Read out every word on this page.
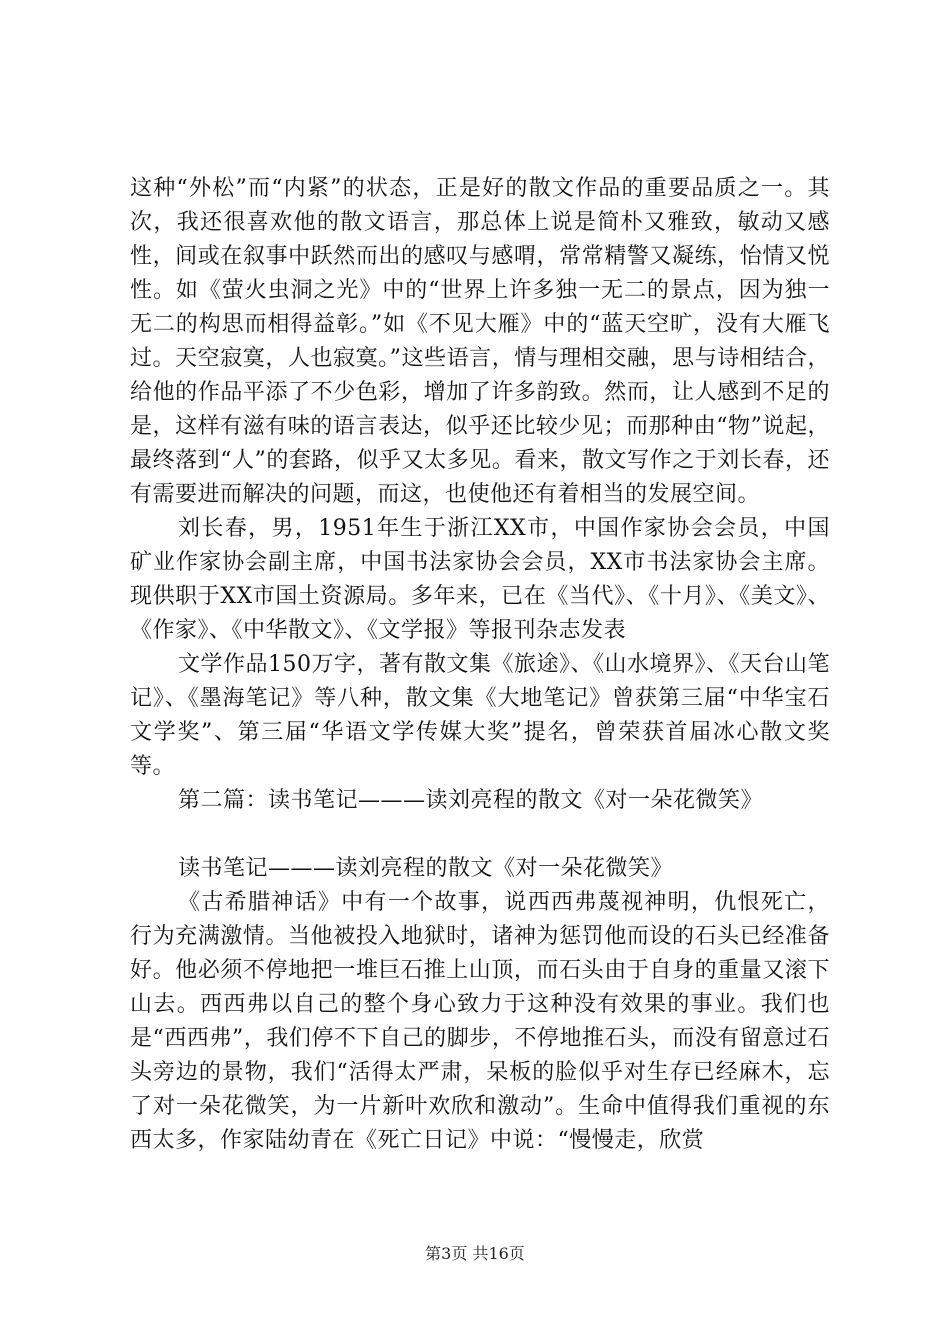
这种“外松”而“内紧”的状态，正是好的散文作品的重要品质之一。其次，我还很喜欢他的散文语言，那总体上说是简朴又雅致，敏动又感性，间或在叙事中跃然而出的感叹与感喟，常常精警又凝练，怡情又悦性。如《萤火虫洞之光》中的“世界上许多独一无二的景点，因为独一无二的构思而相得益彰。”如《不见大雁》中的“蓝天空旷，没有大雁飞过。天空寂寞，人也寂寞。”这些语言，情与理相交融，思与诗相结合，给他的作品平添了不少色彩，增加了许多韵致。然而，让人感到不足的是，这样有滋有味的语言表达，似乎还比较少见；而那种由“物”说起，最终落到“人”的套路，似乎又太多见。看来，散文写作之于刘长春，还有需要进而解决的问题，而这，也使他还有着相当的发展空间。

刘长春，男，1951年生于浙江XX市，中国作家协会会员，中国矿业作家协会副主席，中国书法家协会会员，XX市书法家协会主席。现供职于XX市国土资源局。多年来，已在《当代》、《十月》、《美文》、《作家》、《中华散文》、《文学报》等报刊杂志发表

文学作品150万字，著有散文集《旅途》、《山水境界》、《天台山笔记》、《墨海笔记》等八种，散文集《大地笔记》曾获第三届“中华宝石文学奖”、第三届“华语文学传媒大奖”提名，曾荣获首届冰心散文奖等。

第二篇：读书笔记———读刘亮程的散文《对一朵花微笑》

读书笔记———读刘亮程的散文《对一朵花微笑》

《古希腊神话》中有一个故事，说西西弗蔑视神明，仇恨死亡，行为充满激情。当他被投入地狱时，诸神为惩罚他而设的石头已经准备好。他必须不停地把一堆巨石推上山顶，而石头由于自身的重量又滚下山去。西西弗以自己的整个身心致力于这种没有效果的事业。我们也是“西西弗”，我们停不下自己的脚步，不停地推石头，而没有留意过石头旁边的景物，我们“活得太严肃，呆板的脸似乎对生存已经麻木，忘了对一朵花微笑，为一片新叶欢欣和激动”。生命中值得我们重视的东西太多，作家陆幼青在《死亡日记》中说：“慢慢走，欣赏

第3页 共16页
